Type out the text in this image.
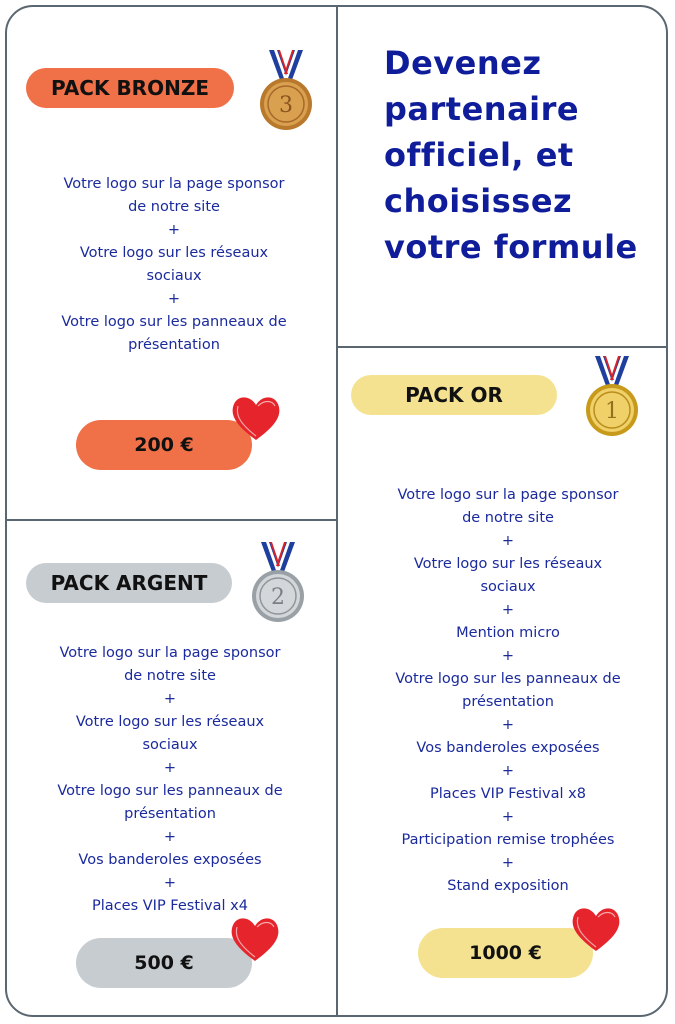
Devenez
partenaire
officiel, et
choisissez
votre formule
PACK BRONZE
3
Votre logo sur la page sponsor
de notre site
+
Votre logo sur les réseaux
sociaux
+
Votre logo sur les panneaux de
présentation
200 €
PACK ARGENT
2
Votre logo sur la page sponsor
de notre site
+
Votre logo sur les réseaux
sociaux
+
Votre logo sur les panneaux de
présentation
+
Vos banderoles exposées
+
Places VIP Festival x4
500 €
PACK OR
1
Votre logo sur la page sponsor
de notre site
+
Votre logo sur les réseaux
sociaux
+
Mention micro
+
Votre logo sur les panneaux de
présentation
+
Vos banderoles exposées
+
Places VIP Festival x8
+
Participation remise trophées
+
Stand exposition
1000 €
